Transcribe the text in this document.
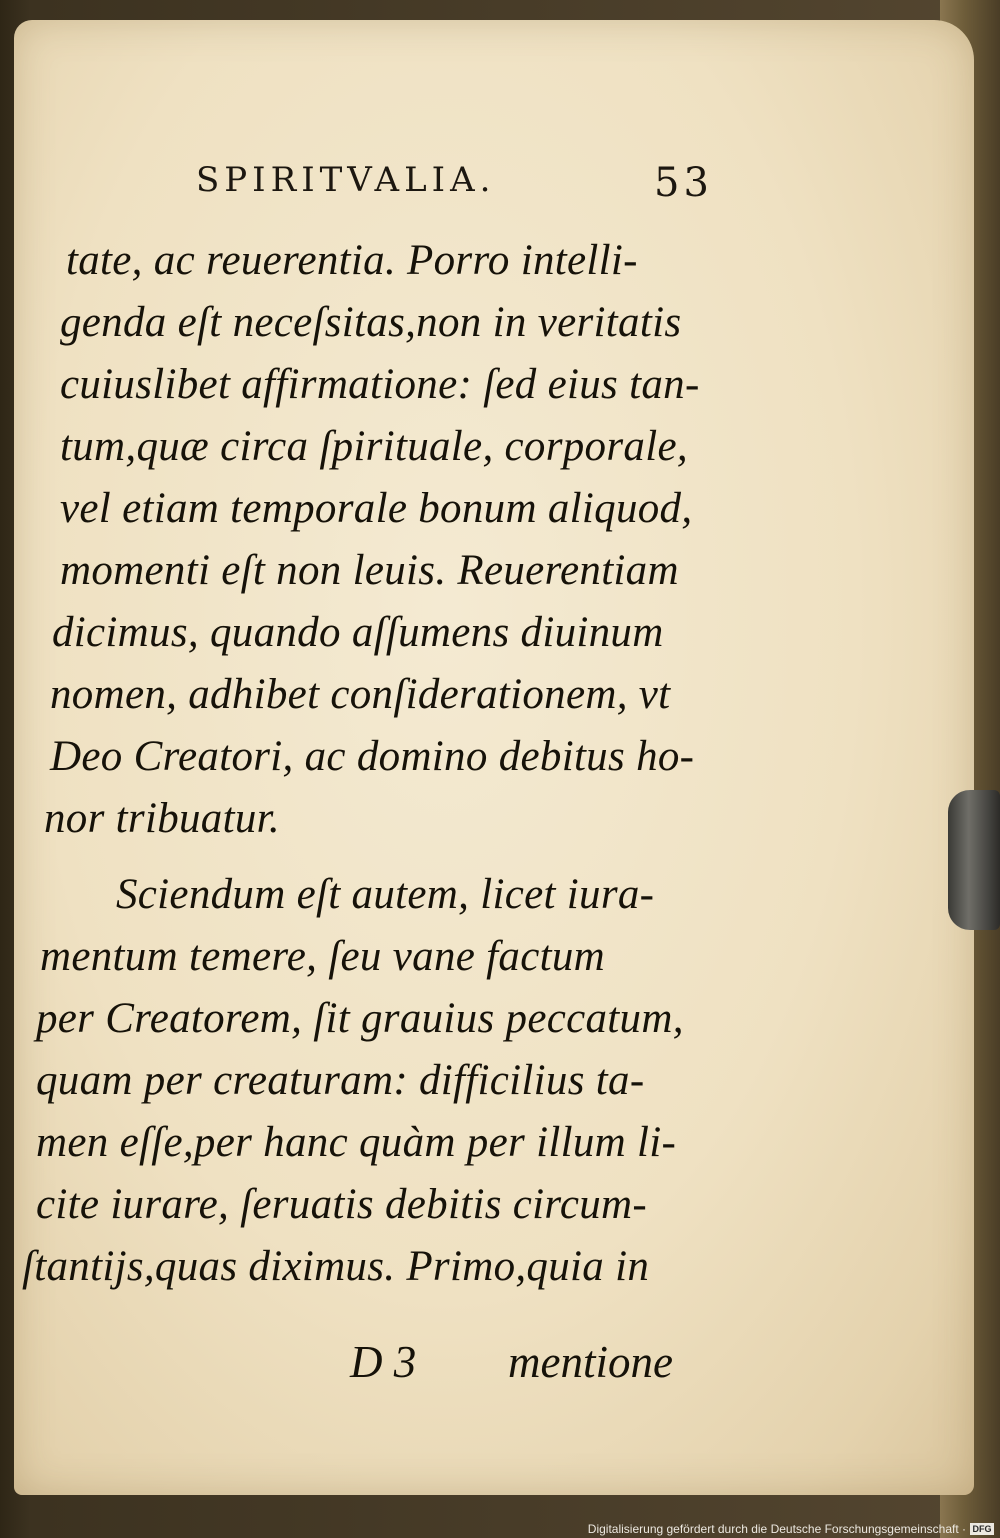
SPIRITVALIA.	53
D 3 mentione
Digitalisierung gefördert durch die Deutsche Forschungsgemeinschaft · DFG
tate, ac reuerentia. Porro intelli-
genda eſt neceſsitas,non in veritatis
cuiuslibet affirmatione: ſed eius tan-
tum,quæ circa ſpirituale, corporale,
vel etiam temporale bonum aliquod,
momenti eſt non leuis. Reuerentiam
dicimus, quando aſſumens diuinum
nomen, adhibet conſiderationem, vt
Deo Creatori, ac domino debitus ho-
nor tribuatur.
Sciendum eſt autem, licet iura-
mentum temere, ſeu vane factum
per Creatorem, ſit grauius peccatum,
quam per creaturam: difficilius ta-
men eſſe,per hanc quàm per illum li-
cite iurare, ſeruatis debitis circum-
ſtantijs,quas diximus. Primo,quia in
